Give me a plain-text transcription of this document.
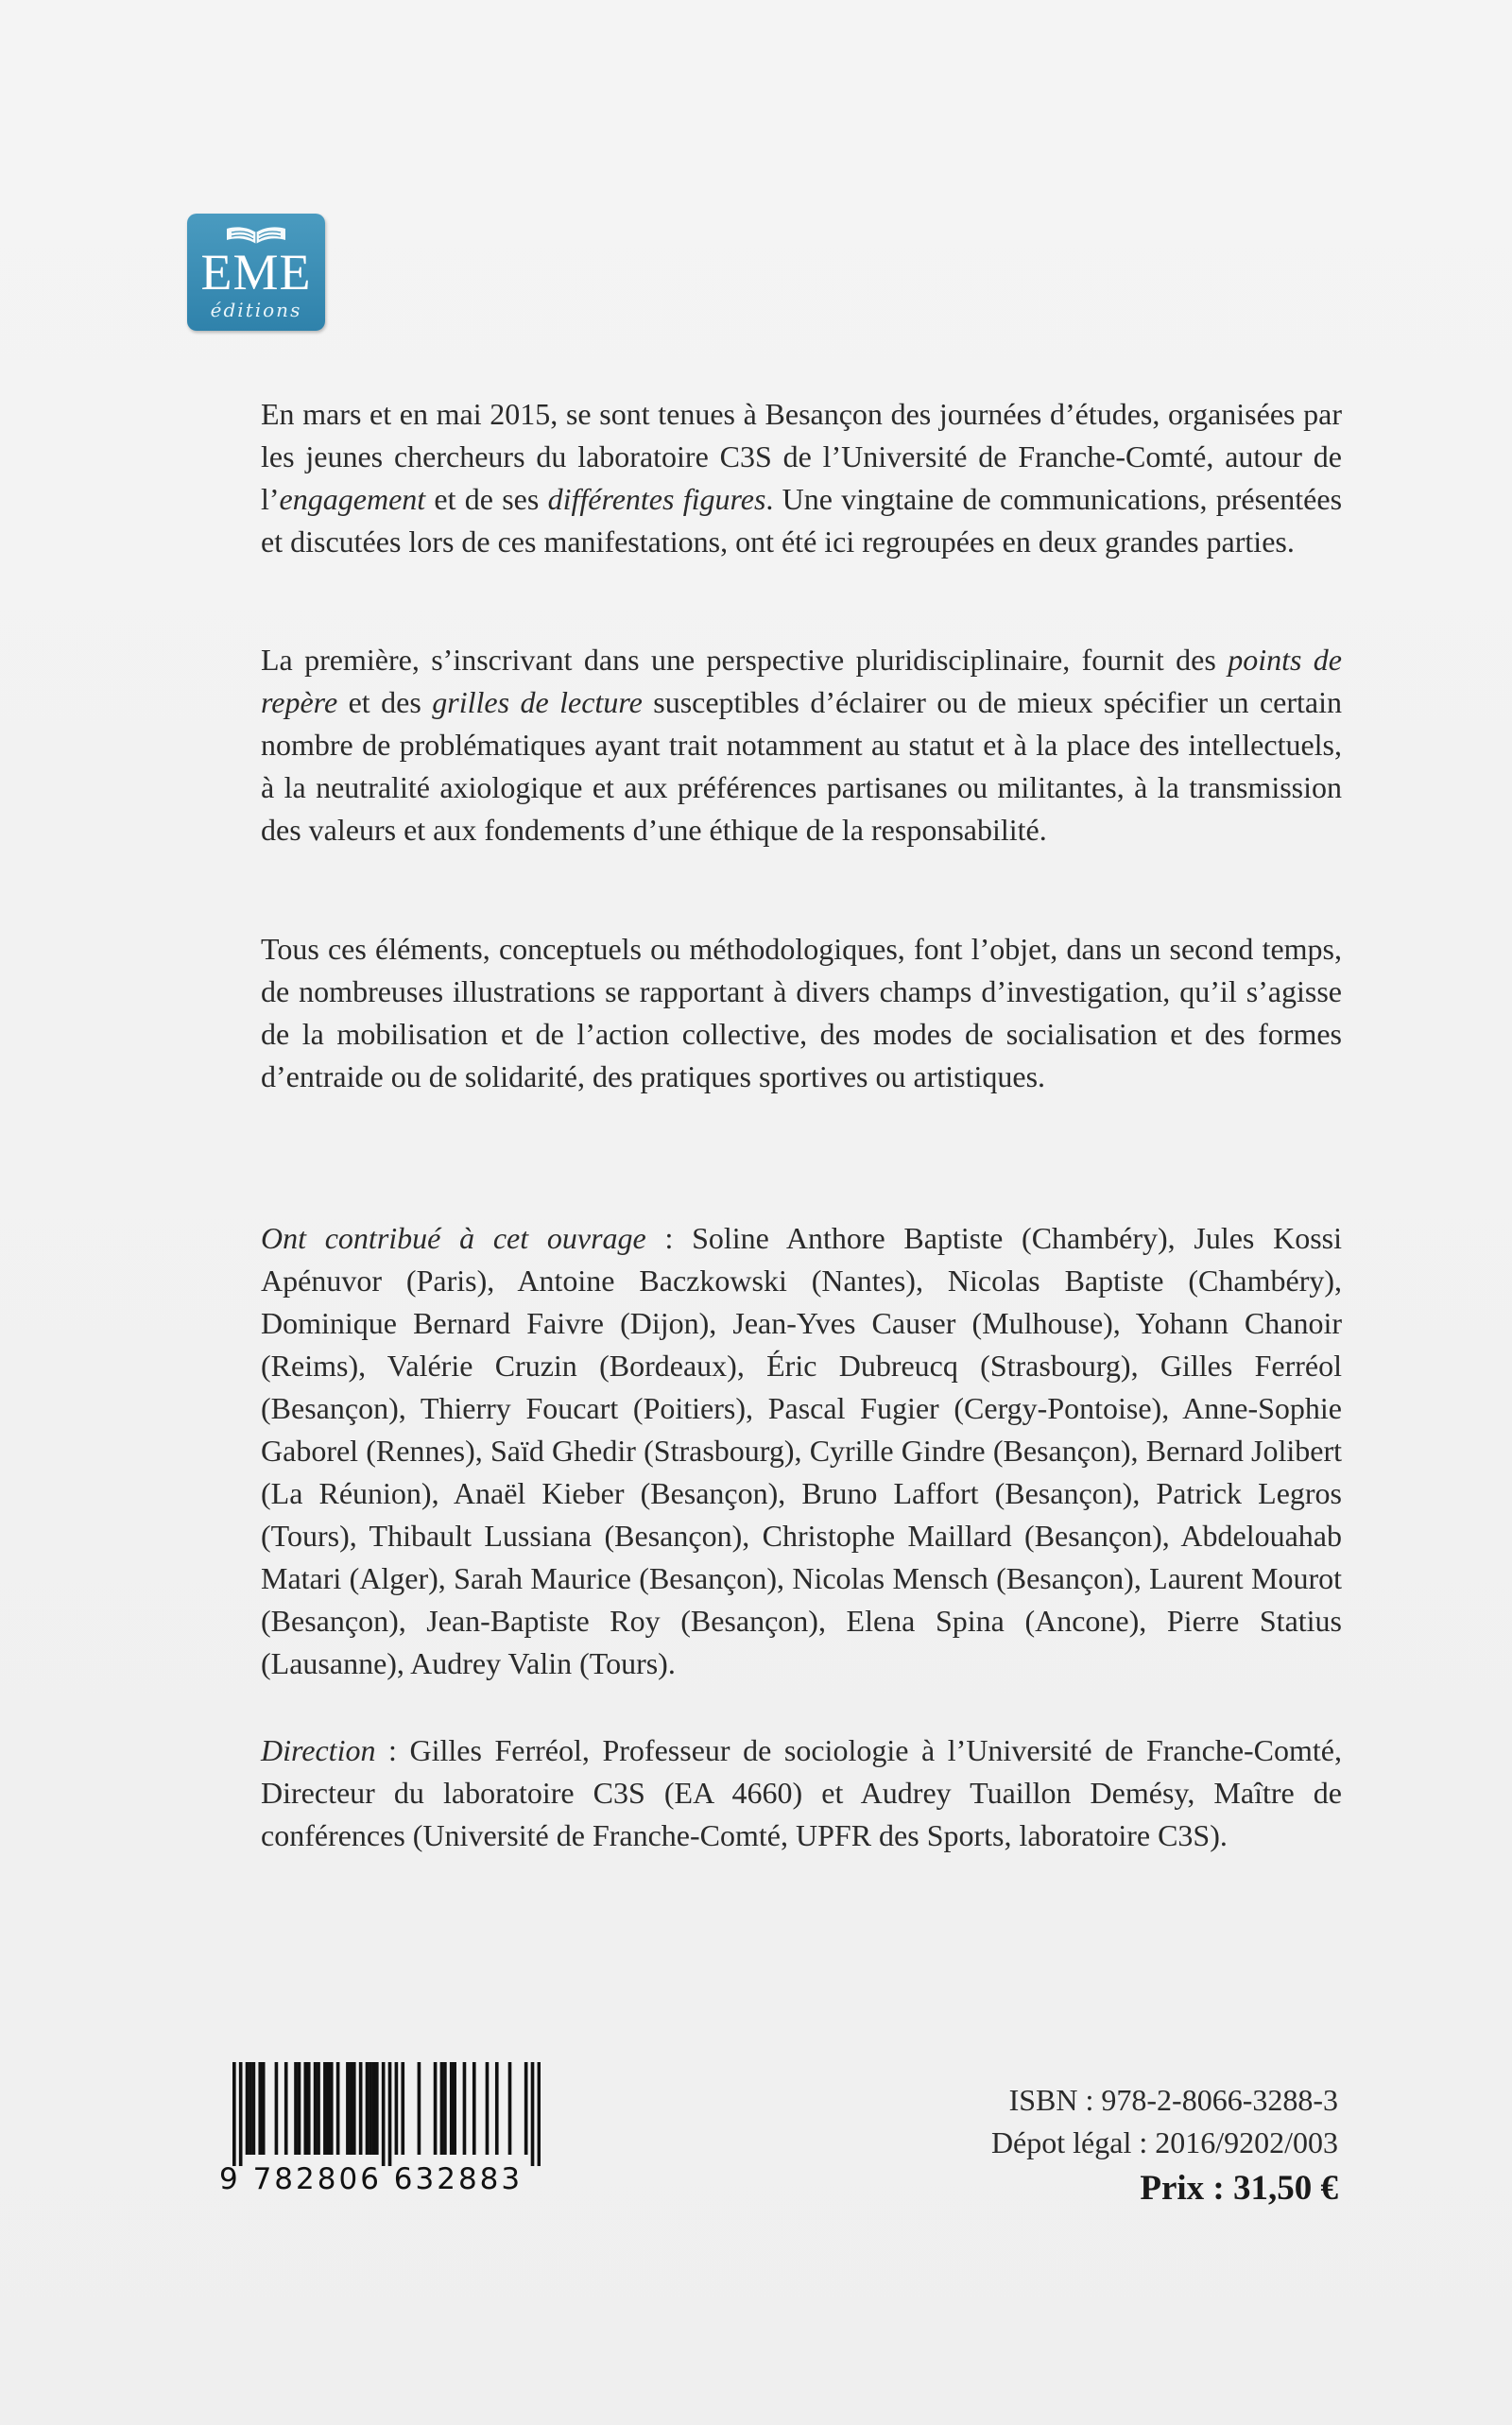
EME
éditions

En mars et en mai 2015, se sont tenues à Besançon des journées d’études, organisées par les jeunes chercheurs du laboratoire C3S de l’Université de Franche-Comté, autour de l’engagement et de ses différentes figures. Une vingtaine de communications, présentées et discutées lors de ces manifestations, ont été ici regroupées en deux grandes parties.

La première, s’inscrivant dans une perspective pluridisciplinaire, fournit des points de repère et des grilles de lecture susceptibles d’éclairer ou de mieux spécifier un certain nombre de problématiques ayant trait notamment au statut et à la place des intellectuels, à la neutralité axiologique et aux préférences partisanes ou militantes, à la transmission des valeurs et aux fondements d’une éthique de la responsabilité.

Tous ces éléments, conceptuels ou méthodologiques, font l’objet, dans un second temps, de nombreuses illustrations se rapportant à divers champs d’investigation, qu’il s’agisse de la mobilisation et de l’action collective, des modes de socialisation et des formes d’entraide ou de solidarité, des pratiques sportives ou artistiques.

Ont contribué à cet ouvrage : Soline Anthore Baptiste (Chambéry), Jules Kossi Apénuvor (Paris), Antoine Baczkowski (Nantes), Nicolas Baptiste (Chambéry), Dominique Bernard Faivre (Dijon), Jean-Yves Causer (Mulhouse), Yohann Chanoir (Reims), Valérie Cruzin (Bordeaux), Éric Dubreucq (Strasbourg), Gilles Ferréol (Besançon), Thierry Foucart (Poitiers), Pascal Fugier (Cergy-Pontoise), Anne-Sophie Gaborel (Rennes), Saïd Ghedir (Strasbourg), Cyrille Gindre (Besançon), Bernard Jolibert (La Réunion), Anaël Kieber (Besançon), Bruno Laffort (Besançon), Patrick Legros (Tours), Thibault Lussiana (Besançon), Christophe Maillard (Besançon), Abdelouahab Matari (Alger), Sarah Maurice (Besançon), Nicolas Mensch (Besançon), Laurent Mourot (Besançon), Jean-Baptiste Roy (Besançon), Elena Spina (Ancone), Pierre Statius (Lausanne), Audrey Valin (Tours).

Direction : Gilles Ferréol, Professeur de sociologie à l’Université de Franche-Comté, Directeur du laboratoire C3S (EA 4660) et Audrey Tuaillon Demésy, Maître de conférences (Université de Franche-Comté, UPFR des Sports, laboratoire C3S).

9 782806 632883
ISBN : 978-2-8066-3288-3
Dépot légal : 2016/9202/003
Prix : 31,50 €
